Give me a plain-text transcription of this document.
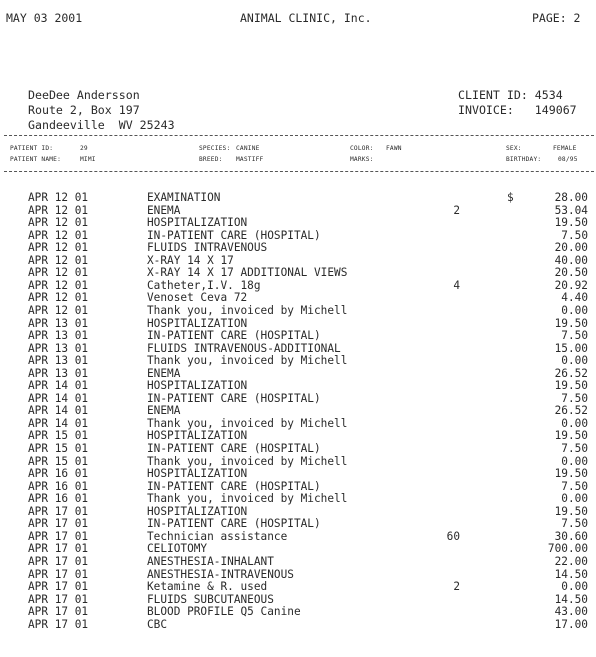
MAY 03 2001	ANIMAL CLINIC, Inc.	PAGE: 2
DeeDee Andersson
Route 2, Box 197
Gandeeville  WV 25243
CLIENT ID: 4534
INVOICE:   149067
PATIENT ID:	29
PATIENT NAME:	MIMI
SPECIES: CANINE
BREED: MASTIFF
COLOR: FAWN
MARKS:
SEX:	FEMALE
BIRTHDAY:	08/95
APR 12 01	EXAMINATION	$	28.00
APR 12 01	ENEMA	2	53.04
APR 12 01	HOSPITALIZATION	19.50
APR 12 01	IN-PATIENT CARE (HOSPITAL)	7.50
APR 12 01	FLUIDS INTRAVENOUS	20.00
APR 12 01	X-RAY 14 X 17	40.00
APR 12 01	X-RAY 14 X 17 ADDITIONAL VIEWS	20.50
APR 12 01	Catheter,I.V. 18g	4	20.92
APR 12 01	Venoset Ceva 72	4.40
APR 12 01	Thank you, invoiced by Michell	0.00
APR 13 01	HOSPITALIZATION	19.50
APR 13 01	IN-PATIENT CARE (HOSPITAL)	7.50
APR 13 01	FLUIDS INTRAVENOUS-ADDITIONAL	15.00
APR 13 01	Thank you, invoiced by Michell	0.00
APR 13 01	ENEMA	26.52
APR 14 01	HOSPITALIZATION	19.50
APR 14 01	IN-PATIENT CARE (HOSPITAL)	7.50
APR 14 01	ENEMA	26.52
APR 14 01	Thank you, invoiced by Michell	0.00
APR 15 01	HOSPITALIZATION	19.50
APR 15 01	IN-PATIENT CARE (HOSPITAL)	7.50
APR 15 01	Thank you, invoiced by Michell	0.00
APR 16 01	HOSPITALIZATION	19.50
APR 16 01	IN-PATIENT CARE (HOSPITAL)	7.50
APR 16 01	Thank you, invoiced by Michell	0.00
APR 17 01	HOSPITALIZATION	19.50
APR 17 01	IN-PATIENT CARE (HOSPITAL)	7.50
APR 17 01	Technician assistance	60	30.60
APR 17 01	CELIOTOMY	700.00
APR 17 01	ANESTHESIA-INHALANT	22.00
APR 17 01	ANESTHESIA-INTRAVENOUS	14.50
APR 17 01	Ketamine & R. used	2	0.00
APR 17 01	FLUIDS SUBCUTANEOUS	14.50
APR 17 01	BLOOD PROFILE Q5 Canine	43.00
APR 17 01	CBC	17.00
